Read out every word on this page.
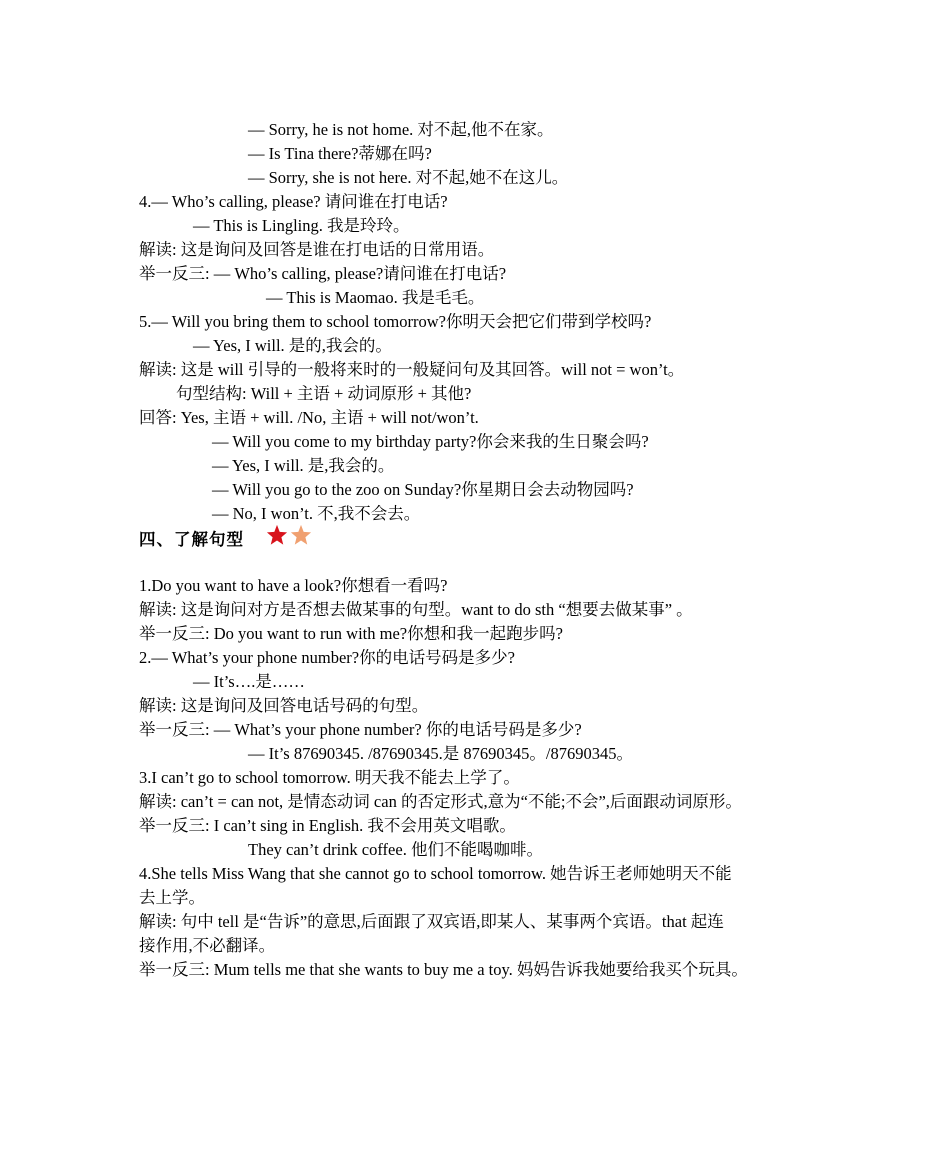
— Sorry, he is not home. 对不起,他不在家。
— Is Tina there?蒂娜在吗?
— Sorry, she is not here. 对不起,她不在这儿。
4.— Who’s calling, please? 请问谁在打电话?
— This is Lingling. 我是玲玲。
解读: 这是询问及回答是谁在打电话的日常用语。
举一反三: — Who’s calling, please?请问谁在打电话?
— This is Maomao. 我是毛毛。
5.— Will you bring them to school tomorrow?你明天会把它们带到学校吗?
— Yes, I will. 是的,我会的。
解读: 这是 will 引导的一般将来时的一般疑问句及其回答。will not = won’t。
句型结构: Will + 主语 + 动词原形 + 其他?
回答: Yes, 主语 + will. /No, 主语 + will not/won’t.
— Will you come to my birthday party?你会来我的生日聚会吗?
— Yes, I will. 是,我会的。
— Will you go to the zoo on Sunday?你星期日会去动物园吗?
— No, I won’t. 不,我不会去。
四、了解句型
1.Do you want to have a look?你想看一看吗?
解读: 这是询问对方是否想去做某事的句型。want to do sth “想要去做某事” 。
举一反三: Do you want to run with me?你想和我一起跑步吗?
2.— What’s your phone number?你的电话号码是多少?
— It’s….是……
解读: 这是询问及回答电话号码的句型。
举一反三: — What’s your phone number? 你的电话号码是多少?
— It’s 87690345. /87690345.是 87690345。/87690345。
3.I can’t go to school tomorrow. 明天我不能去上学了。
解读: can’t = can not, 是情态动词 can 的否定形式,意为“不能;不会”,后面跟动词原形。
举一反三: I can’t sing in English. 我不会用英文唱歌。
They can’t drink coffee. 他们不能喝咖啡。
4.She tells Miss Wang that she cannot go to school tomorrow. 她告诉王老师她明天不能
去上学。
解读: 句中 tell 是“告诉”的意思,后面跟了双宾语,即某人、某事两个宾语。that 起连
接作用,不必翻译。
举一反三: Mum tells me that she wants to buy me a toy. 妈妈告诉我她要给我买个玩具。
